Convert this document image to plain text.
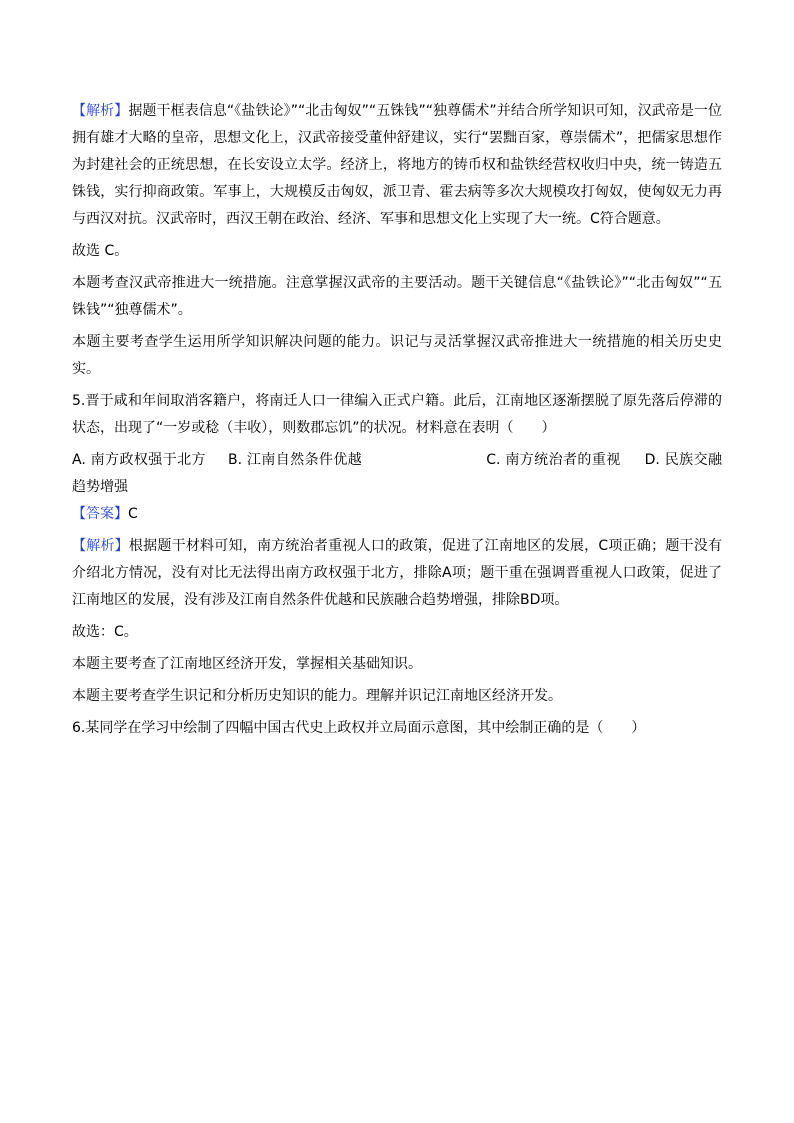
【解析】据题干框表信息“《盐铁论》”“北击匈奴”“五铢钱”“独尊儒术”并结合所学知识可知，汉武帝是一位拥有雄才大略的皇帝，思想文化上，汉武帝接受董仲舒建议，实行“罢黜百家，尊崇儒术”，把儒家思想作为封建社会的正统思想，在长安设立太学。经济上，将地方的铸币权和盐铁经营权收归中央，统一铸造五铢钱，实行抑商政策。军事上，大规模反击匈奴，派卫青、霍去病等多次大规模攻打匈奴，使匈奴无力再与西汉对抗。汉武帝时，西汉王朝在政治、经济、军事和思想文化上实现了大一统。C符合题意。

故选 C。

本题考查汉武帝推进大一统措施。注意掌握汉武帝的主要活动。题干关键信息“《盐铁论》”“北击匈奴”“五铢钱”“独尊儒术”。

本题主要考查学生运用所学知识解决问题的能力。识记与灵活掌握汉武帝推进大一统措施的相关历史史实。

5.晋于咸和年间取消客籍户，将南迁人口一律编入正式户籍。此后，江南地区逐渐摆脱了原先落后停滞的状态，出现了“一岁或稔（丰收），则数郡忘饥”的状况。材料意在表明（　　）

A. 南方政权强于北方 B. 江南自然条件优越	C. 南方统治者的重视 D. 民族交融趋势增强

【答案】C

【解析】根据题干材料可知，南方统治者重视人口的政策，促进了江南地区的发展，C项正确；题干没有介绍北方情况，没有对比无法得出南方政权强于北方，排除A项；题干重在强调晋重视人口政策，促进了江南地区的发展，没有涉及江南自然条件优越和民族融合趋势增强，排除BD项。

故选：C。

本题主要考查了江南地区经济开发，掌握相关基础知识。

本题主要考查学生识记和分析历史知识的能力。理解并识记江南地区经济开发。

6.某同学在学习中绘制了四幅中国古代史上政权并立局面示意图，其中绘制正确的是（　　）
